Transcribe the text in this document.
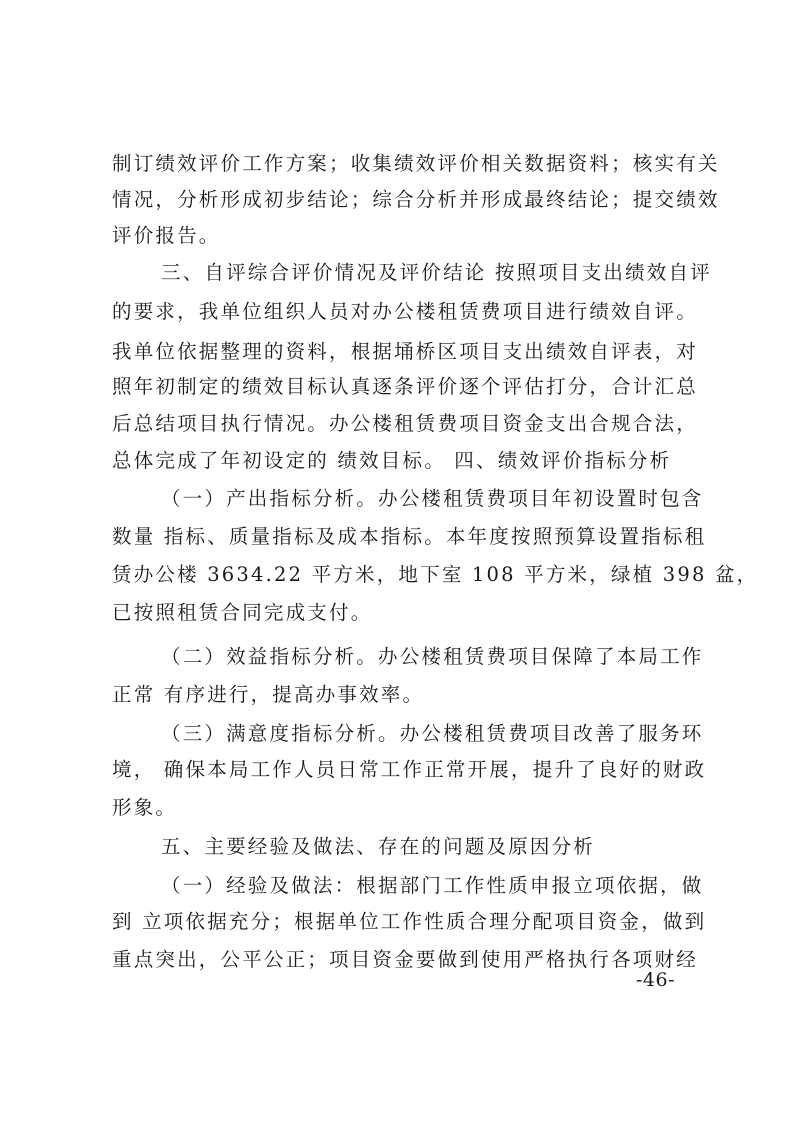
制订绩效评价工作方案；收集绩效评价相关数据资料；核实有关
情况，分析形成初步结论；综合分析并形成最终结论；提交绩效
评价报告。
三、自评综合评价情况及评价结论 按照项目支出绩效自评
的要求，我单位组织人员对办公楼租赁费项目进行绩效自评。
我单位依据整理的资料，根据埇桥区项目支出绩效自评表，对
照年初制定的绩效目标认真逐条评价逐个评估打分，合计汇总
后总结项目执行情况。办公楼租赁费项目资金支出合规合法，
总体完成了年初设定的 绩效目标。 四、绩效评价指标分析
（一）产出指标分析。办公楼租赁费项目年初设置时包含
数量 指标、质量指标及成本指标。本年度按照预算设置指标租
赁办公楼 3634.22 平方米，地下室 108 平方米，绿植 398 盆，
已按照租赁合同完成支付。
（二）效益指标分析。办公楼租赁费项目保障了本局工作
正常 有序进行，提高办事效率。
（三）满意度指标分析。办公楼租赁费项目改善了服务环
境， 确保本局工作人员日常工作正常开展，提升了良好的财政
形象。
五、主要经验及做法、存在的问题及原因分析
（一）经验及做法：根据部门工作性质申报立项依据，做
到 立项依据充分；根据单位工作性质合理分配项目资金，做到
重点突出，公平公正；项目资金要做到使用严格执行各项财经
-46-
